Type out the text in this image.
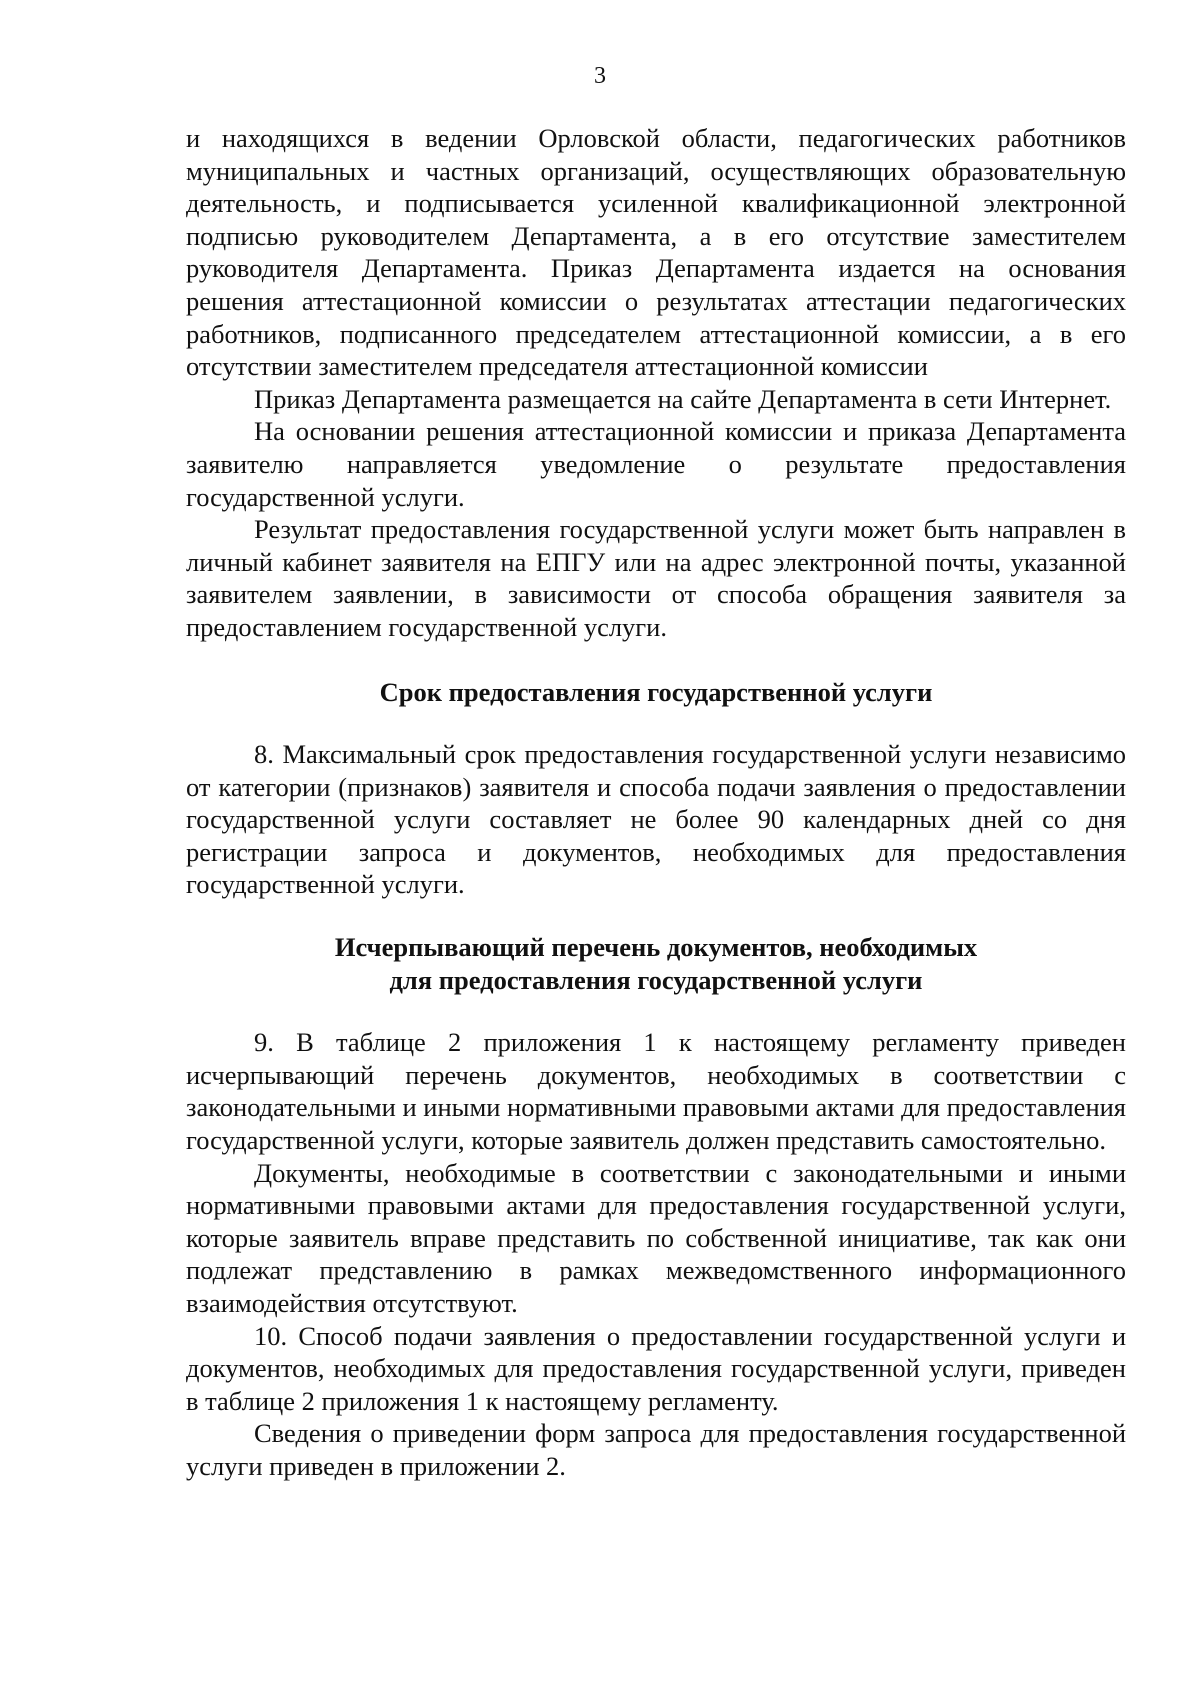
3

и находящихся в ведении Орловской области, педагогических работников муниципальных и частных организаций, осуществляющих образовательную деятельность, и подписывается усиленной квалификационной электронной подписью руководителем Департамента, а в его отсутствие заместителем руководителя Департамента. Приказ Департамента издается на основания решения аттестационной комиссии о результатах аттестации педагогических работников, подписанного председателем аттестационной комиссии, а в его отсутствии заместителем председателя аттестационной комиссии

Приказ Департамента размещается на сайте Департамента в сети Интернет.

На основании решения аттестационной комиссии и приказа Департамента заявителю направляется уведомление о результате предоставления государственной услуги.

Результат предоставления государственной услуги может быть направлен в личный кабинет заявителя на ЕПГУ или на адрес электронной почты, указанной заявителем заявлении, в зависимости от способа обращения заявителя за предоставлением государственной услуги.

Срок предоставления государственной услуги

8. Максимальный срок предоставления государственной услуги независимо от категории (признаков) заявителя и способа подачи заявления о предоставлении государственной услуги составляет не более 90 календарных дней со дня регистрации запроса и документов, необходимых для предоставления государственной услуги.

Исчерпывающий перечень документов, необходимых
для предоставления государственной услуги

9. В таблице 2 приложения 1 к настоящему регламенту приведен исчерпывающий перечень документов, необходимых в соответствии с законодательными и иными нормативными правовыми актами для предоставления государственной услуги, которые заявитель должен представить самостоятельно.

Документы, необходимые в соответствии с законодательными и иными нормативными правовыми актами для предоставления государственной услуги, которые заявитель вправе представить по собственной инициативе, так как они подлежат представлению в рамках межведомственного информационного взаимодействия отсутствуют.

10. Способ подачи заявления о предоставлении государственной услуги и документов, необходимых для предоставления государственной услуги, приведен в таблице 2 приложения 1 к настоящему регламенту.

Сведения о приведении форм запроса для предоставления государственной услуги приведен в приложении 2.
